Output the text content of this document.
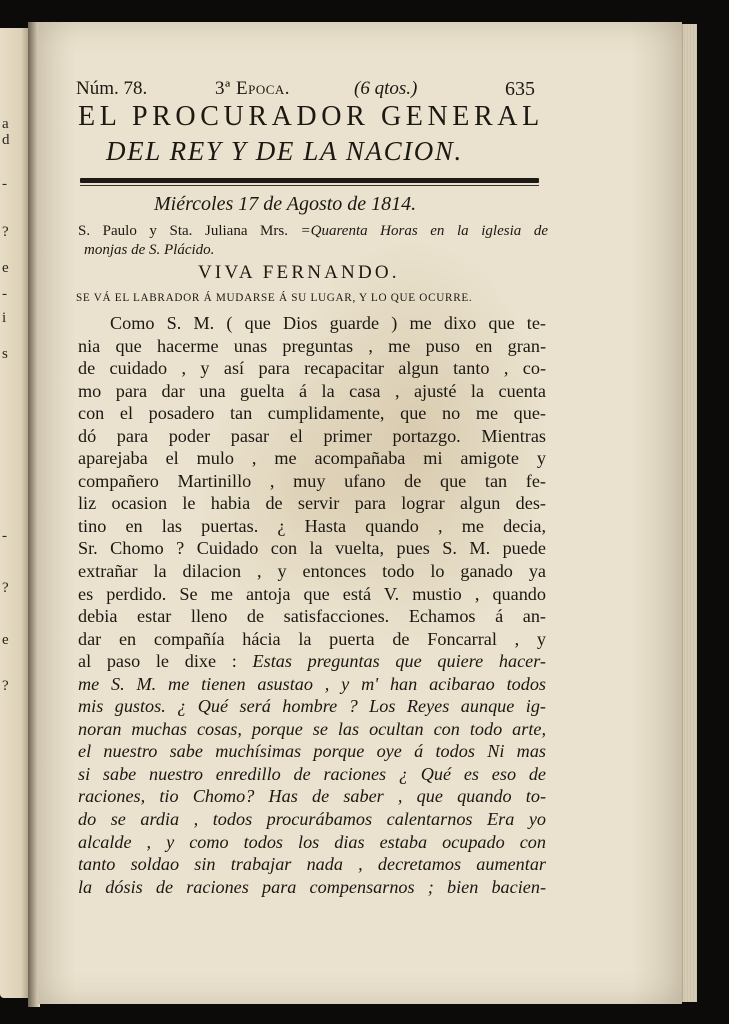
a
d
-
?
e
-
i
s
-
?
e
?
Núm. 78.	3ª Epoca.	(6 qtos.)	635
EL PROCURADOR GENERAL
DEL REY Y DE LA NACION.
Miércoles 17 de Agosto de 1814.
S. Paulo y Sta. Juliana Mrs. =Quarenta Horas en la iglesia de
monjas de S. Plácido.
VIVA FERNANDO.
SE VÁ EL LABRADOR Á MUDARSE Á SU LUGAR, Y LO QUE OCURRE.
Como S. M. ( que Dios guarde ) me dixo que te-
nia que hacerme unas preguntas , me puso en gran-
de cuidado , y así para recapacitar algun tanto , co-
mo para dar una guelta á la casa , ajusté la cuenta
con el posadero tan cumplidamente, que no me que-
dó para poder pasar el primer portazgo. Mientras
aparejaba el mulo , me acompañaba mi amigote y
compañero Martinillo , muy ufano de que tan fe-
liz ocasion le habia de servir para lograr algun des-
tino en las puertas. ¿ Hasta quando , me decia,
Sr. Chomo ? Cuidado con la vuelta, pues S. M. puede
extrañar la dilacion , y entonces todo lo ganado ya
es perdido. Se me antoja que está V. mustio , quando
debia estar lleno de satisfacciones. Echamos á an-
dar en compañía hácia la puerta de Foncarral , y
al paso le dixe : Estas preguntas que quiere hacer-
me S. M. me tienen asustao , y m' han acibarao todos
mis gustos. ¿ Qué será hombre ? Los Reyes aunque ig-
noran muchas cosas, porque se las ocultan con todo arte,
el nuestro sabe muchísimas porque oye á todos Ni mas
si sabe nuestro enredillo de raciones ¿ Qué es eso de
raciones, tio Chomo? Has de saber , que quando to-
do se ardia , todos procurábamos calentarnos Era yo
alcalde , y como todos los dias estaba ocupado con
tanto soldao sin trabajar nada , decretamos aumentar
la dósis de raciones para compensarnos ; bien bacien-
